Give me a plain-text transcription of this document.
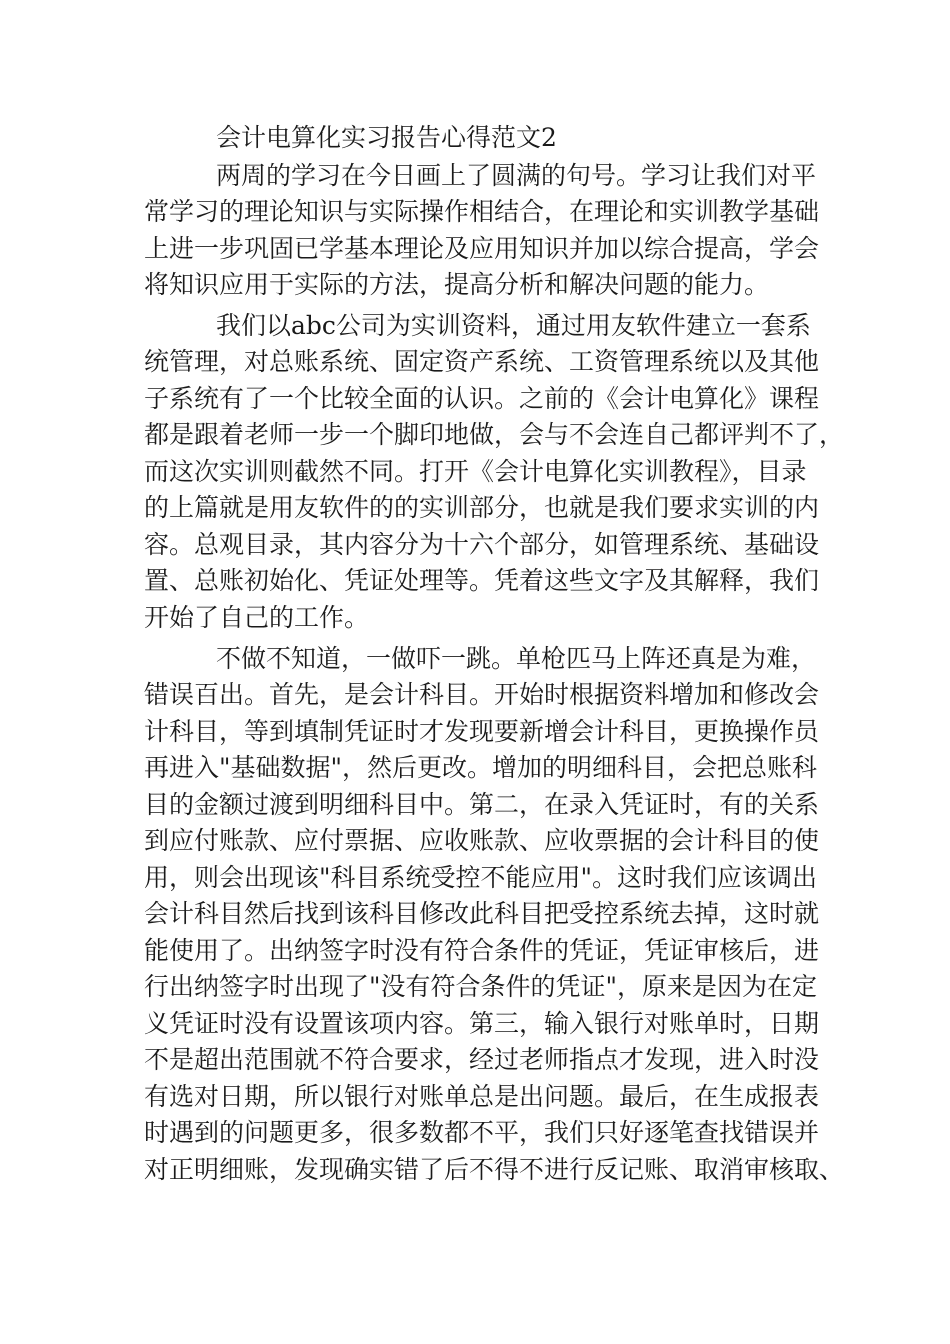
会计电算化实习报告心得范文2
两周的学习在今日画上了圆满的句号。学习让我们对平
常学习的理论知识与实际操作相结合，在理论和实训教学基础
上进一步巩固已学基本理论及应用知识并加以综合提高，学会
将知识应用于实际的方法，提高分析和解决问题的能力。
我们以abc公司为实训资料，通过用友软件建立一套系
统管理，对总账系统、固定资产系统、工资管理系统以及其他
子系统有了一个比较全面的认识。之前的《会计电算化》课程
都是跟着老师一步一个脚印地做，会与不会连自己都评判不了，
而这次实训则截然不同。打开《会计电算化实训教程》，目录
的上篇就是用友软件的的实训部分，也就是我们要求实训的内
容。总观目录，其内容分为十六个部分，如管理系统、基础设
置、总账初始化、凭证处理等。凭着这些文字及其解释，我们
开始了自己的工作。
不做不知道，一做吓一跳。单枪匹马上阵还真是为难，
错误百出。首先，是会计科目。开始时根据资料增加和修改会
计科目，等到填制凭证时才发现要新增会计科目，更换操作员
再进入"基础数据"，然后更改。增加的明细科目，会把总账科
目的金额过渡到明细科目中。第二，在录入凭证时，有的关系
到应付账款、应付票据、应收账款、应收票据的会计科目的使
用，则会出现该"科目系统受控不能应用"。这时我们应该调出
会计科目然后找到该科目修改此科目把受控系统去掉，这时就
能使用了。出纳签字时没有符合条件的凭证，凭证审核后，进
行出纳签字时出现了"没有符合条件的凭证"，原来是因为在定
义凭证时没有设置该项内容。第三，输入银行对账单时，日期
不是超出范围就不符合要求，经过老师指点才发现，进入时没
有选对日期，所以银行对账单总是出问题。最后，在生成报表
时遇到的问题更多，很多数都不平，我们只好逐笔查找错误并
对正明细账，发现确实错了后不得不进行反记账、取消审核取、
